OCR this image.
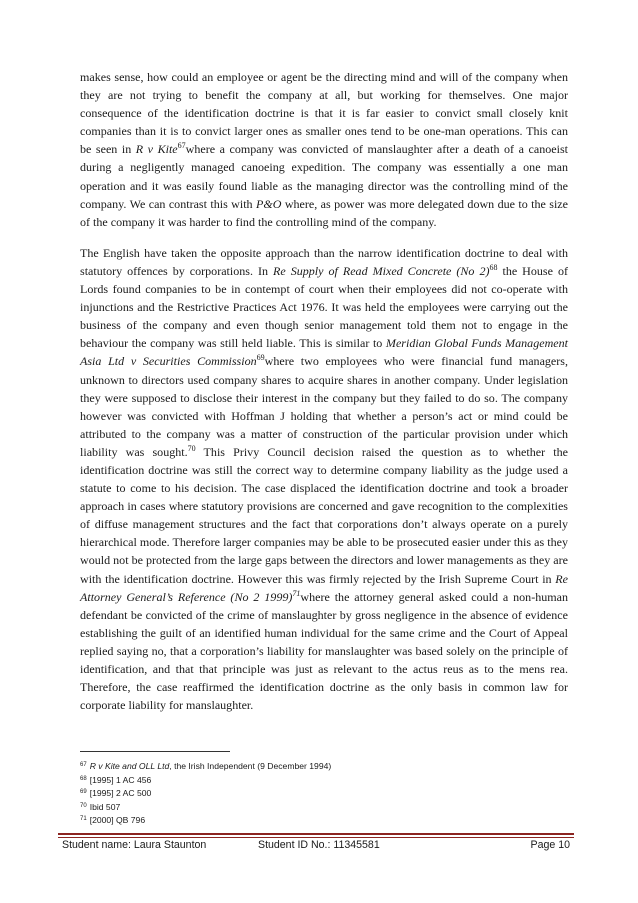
makes sense, how could an employee or agent be the directing mind and will of the company when they are not trying to benefit the company at all, but working for themselves. One major consequence of the identification doctrine is that it is far easier to convict small closely knit companies than it is to convict larger ones as smaller ones tend to be one-man operations. This can be seen in R v Kite$^{67}$where a company was convicted of manslaughter after a death of a canoeist during a negligently managed canoeing expedition. The company was essentially a one man operation and it was easily found liable as the managing director was the controlling mind of the company. We can contrast this with P&O where, as power was more delegated down due to the size of the company it was harder to find the controlling mind of the company.

The English have taken the opposite approach than the narrow identification doctrine to deal with statutory offences by corporations. In Re Supply of Read Mixed Concrete (No 2)$^{68}$ the House of Lords found companies to be in contempt of court when their employees did not co-operate with injunctions and the Restrictive Practices Act 1976. It was held the employees were carrying out the business of the company and even though senior management told them not to engage in the behaviour the company was still held liable. This is similar to Meridian Global Funds Management Asia Ltd v Securities Commission$^{69}$where two employees who were financial fund managers, unknown to directors used company shares to acquire shares in another company. Under legislation they were supposed to disclose their interest in the company but they failed to do so. The company however was convicted with Hoffman J holding that whether a person’s act or mind could be attributed to the company was a matter of construction of the particular provision under which liability was sought.$^{70}$ This Privy Council decision raised the question as to whether the identification doctrine was still the correct way to determine company liability as the judge used a statute to come to his decision. The case displaced the identification doctrine and took a broader approach in cases where statutory provisions are concerned and gave recognition to the complexities of diffuse management structures and the fact that corporations don’t always operate on a purely hierarchical mode. Therefore larger companies may be able to be prosecuted easier under this as they would not be protected from the large gaps between the directors and lower managements as they are with the identification doctrine. However this was firmly rejected by the Irish Supreme Court in Re Attorney General’s Reference (No 2 1999)$^{71}$where the attorney general asked could a non-human defendant be convicted of the crime of manslaughter by gross negligence in the absence of evidence establishing the guilt of an identified human individual for the same crime and the Court of Appeal replied saying no, that a corporation’s liability for manslaughter was based solely on the principle of identification, and that that principle was just as relevant to the actus reus as to the mens rea. Therefore, the case reaffirmed the identification doctrine as the only basis in common law for corporate liability for manslaughter.

$^{67}$ R v Kite and OLL Ltd, the Irish Independent (9 December 1994)
$^{68}$ [1995] 1 AC 456
$^{69}$ [1995] 2 AC 500
$^{70}$ Ibid 507
$^{71}$ [2000] QB 796
Student name: Laura Staunton	Student ID No.: 11345581	Page 10
